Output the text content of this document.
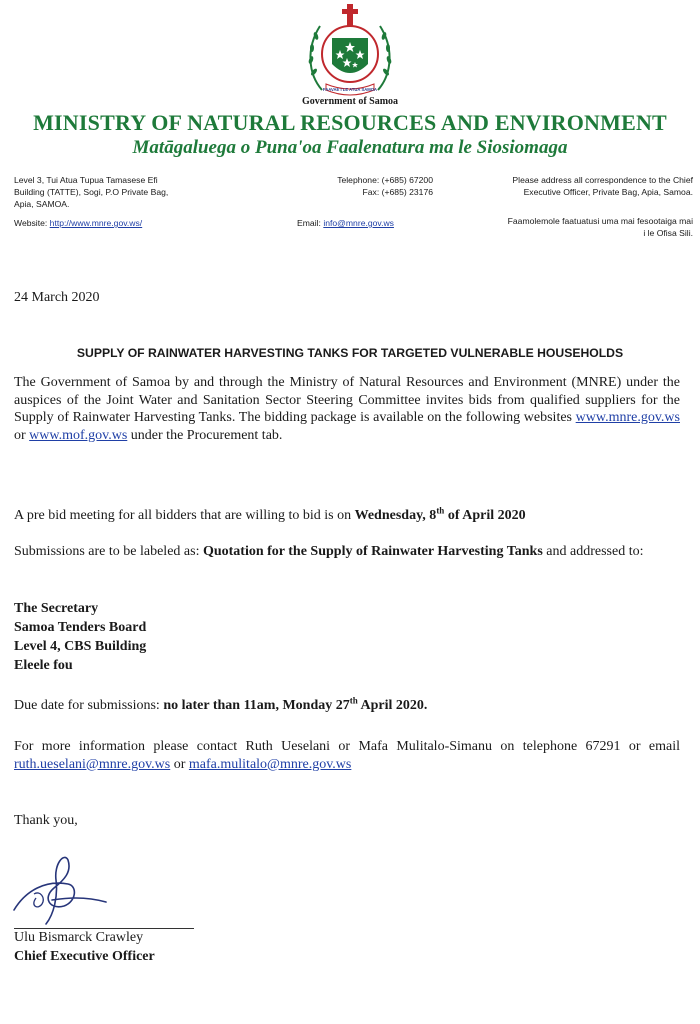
FAAVAE I LE ATUA SAMOA
Government of Samoa
MINISTRY OF NATURAL RESOURCES AND ENVIRONMENT
Matāgaluega o Puna'oa Faalenatura ma le Siosiomaga
Level 3, Tui Atua Tupua Tamasese Efi
Building (TATTE), Sogi, P.O Private Bag,
Apia, SAMOA.
Website: http://www.mnre.gov.ws/
Telephone: (+685) 67200
Fax: (+685) 23176
Email: info@mnre.gov.ws
Please address all correspondence to the Chief
Executive Officer, Private Bag, Apia, Samoa.
Faamolemole faatuatusi uma mai fesootaiga mai
i le Ofisa Sili.
24 March 2020
SUPPLY OF RAINWATER HARVESTING TANKS FOR TARGETED VULNERABLE HOUSEHOLDS
The Government of Samoa by and through the Ministry of Natural Resources and Environment (MNRE) under the auspices of the Joint Water and Sanitation Sector Steering Committee invites bids from qualified suppliers for the Supply of Rainwater Harvesting Tanks. The bidding package is available on the following websites www.mnre.gov.ws or www.mof.gov.ws under the Procurement tab.
A pre bid meeting for all bidders that are willing to bid is on Wednesday, 8th of April 2020
Submissions are to be labeled as: Quotation for the Supply of Rainwater Harvesting Tanks and addressed to:
The Secretary
Samoa Tenders Board
Level 4, CBS Building
Eleele fou
Due date for submissions: no later than 11am, Monday 27th April 2020.
For more information please contact Ruth Ueselani or Mafa Mulitalo-Simanu on telephone 67291 or email ruth.ueselani@mnre.gov.ws or mafa.mulitalo@mnre.gov.ws
Thank you,
Ulu Bismarck Crawley
Chief Executive Officer
